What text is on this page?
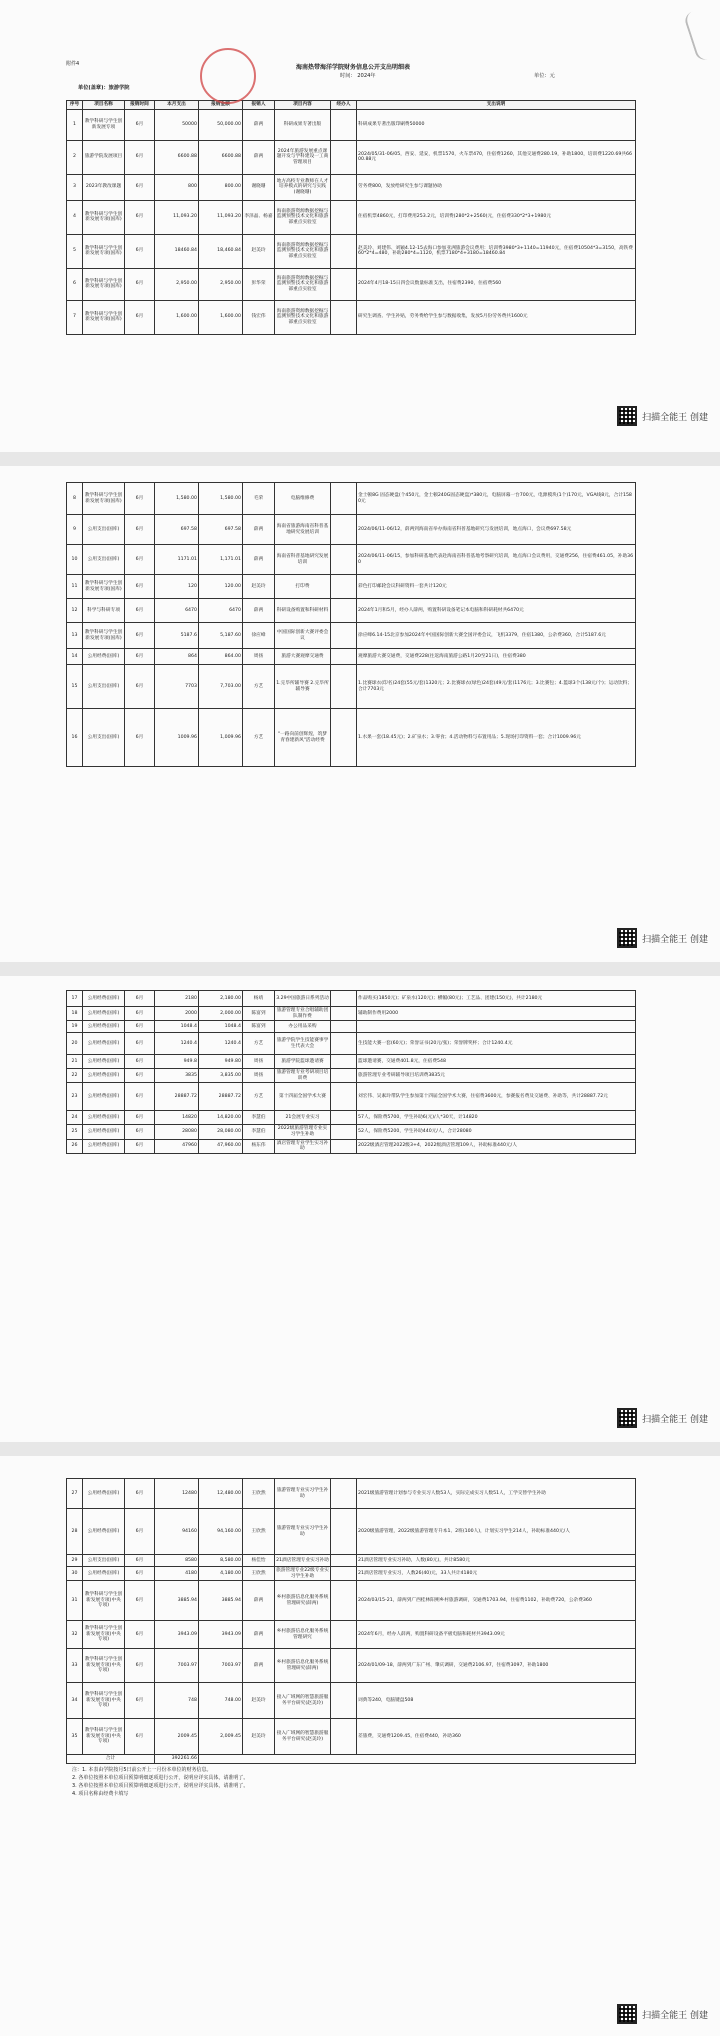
附件4	海南热带海洋学院财务信息公开支出明细表
时间： 2024年	单位：元
单位(盖章)：旅游学院
序号	项目名称	报销时间	本月支出	报销金额	报销人	项目内容	经办人	支出说明
1	教学科研与学生创新发展专项	6月	50000	50,000.00	薛两	科研成果专著出版		科研成果专著出版印刷费50000
2	旅游学院发展项目	6月	6600.88	6600.88	薛两	2024年旅游发展重点课题开发与学科建设一工商管理项目		2024/05/31-06/05，西安、延安，机票1570，火车票470，住宿费1260，其他交通费280.19，补助1800，培训费1220.69共6600.88元
3	2023年教改课题	6月	800	800.00	谢晓珊	地方高校专业教师在人才培养模式的研究与实践(谢晓珊)		劳务费800，发放给研究生参与课题协助
4	教学科研与学生创新发展专项(国库)	6月	11,093.20	11,093.20	李泽晶、杨嘉	海南旅游资源数据挖掘与监测预警技术文化和旅游部重点实验室		住宿机票4860元，打印费用253.2元，培训费(280*2+2560)元，住宿费330*2*3+1980元
5	教学科研与学生创新发展专项(国库)	6月	18460.84	18,460.84	赵美玲	海南旅游资源数据挖掘与监测预警技术文化和旅游部重点实验室		赵美玲、刘建伟、刘颖4.12-15去海口参加亚洲旅游会议费用：培训费3980*3+1140=11940元，住宿费10504*3=3150，高铁费60*2*4=480，补助280*4=1120，机票7180*4+3180=18460.84
6	教学科研与学生创新发展专项(国库)	6月	2,950.00	2,950.00	彭华荣	海南旅游资源数据挖掘与监测预警技术文化和旅游部重点实验室		2024年4月18-15日四会议数量标准支出，住宿费2390，住宿费560
7	教学科研与学生创新发展专项(国库)	6月	1,600.00	1,600.00	钱宏伟	海南旅游资源数据挖掘与监测预警技术文化和旅游部重点实验室		研究生调查、学生补贴，劳务费给学生参与数据收集，发放5月份劳务费共1600元
扫描全能王 创建
8	教学科研与学生创新发展专项(国库)	6月	1,580.00	1,580.00	毛荣	电脑维修费		金士顿8G 固态硬盘(个450元，金士顿240G固态硬盘)*380元，电脑屏幕一台700元，电源模块(1个)170元，VGA线8元，合计1580元
9	公用支出(国库)	6月	697.58	697.58	薛两	海南省旅游海南省科普基地研究发展培训		2024/06/11-06/12，薛两到海南省举办海南省科普基地研究与发展培训，地点海口，会议费697.58元
10	公用支出(国库)	6月	1171.01	1,171.01	薛两	海南省科普基地研究发展培训		2024/06/11-06/15，参加科研基地代表赴海南省科普基地考察研究培训，地点海口会议费用，交通费256，住宿费461.05，补助360
11	教学科研与学生创新发展专项(国库)	6月	120	120.00	赵美玲	打印费		彩色打印邮轮会议科研资料一套共计120元
12	科学与科研专项	6月	6470	6470	薛两	科研设备购置和科研材料		2024年1月和5月，经办人薛两，购置科研设备笔记本电脑和科研耗材共6470元
13	教学科研与学生创新发展专项(国库)	6月	5187.6	5,187.60	徐应峰	中国国际创新大赛评委会议		徐应峰6.14-15北京参加2024年中国国际创新大赛全国评委会议，飞机3379，住宿1380，公杂费360，合计5187.6元
14	公用经费(国库)	6月	864	864.00	周扬	旅游大赛观摩交通费		观摩旅游大赛交通费，交通费228(往返海南旅游公路1月20至21日)，住宿费380
15	公用支出(国库)	6月	7703	7,703.00	方艺	1.完毕所辅导赛 2.完毕所辅导赛		1.比赛球衣(印名)24套(55元/套)1320元；2.比赛球衣(绿色)24套(49元/套)1176元；3.比赛包；4.篮球3个(138元/个)；运动饮料；合计7703元
16	公用支出(国库)	6月	1009.96	1,009.96	方艺	"一路向前创辉煌，筑梦青春建新风"活动经费		1.水果一套(18.45元)；2.矿泉水；3.零食；4.活动物料与布置用品；5.现场打印资料一套；合计1009.96元
扫描全能王 创建
17	公用经费(国库)	6月	2180	2,180.00	杨靖	3.29中国旅游日系列活动		作品购买(1850元)；矿泉水(120元)；横幅(80元)；工艺品、团建(150元)，共计2180元
18	公用经费(国库)	6月	2000	2,000.00	陈富到	旅游管理专业合唱辅助团队制作费		辅助制作费用2000
19	公用经费(国库)	6月	1048.4	1048.4	陈富到	办公用品采购		
20	公用经费(国库)	6月	1240.4	1240.4	方艺	旅游学院学生技能赛事学生代表大会		生技能大赛一套(60元)；荣誉证书(20元/张)；荣誉牌奖杯；合计1240.4元
21	公用经费(国库)	6月	949.8	949.80	周扬	旅游学院篮球邀请赛		篮球邀请赛，交通费401.8元，住宿费548
22	公用经费(国库)	6月	3835	3,835.00	周扬	旅游管理专业考研项目培训费		旅游管理专业考研辅导项目培训费3835元
23	公用经费(国库)	6月	28887.72	28887.72	方艺	第十四届全国学术大赛		刘宏伟、吴素玲带队学生参加第十四届全国学术大赛，住宿费3600元，参赛报名费及交通费、补助等，共计28887.72元
24	公用经费(国库)	6月	14820	14,820.00	李慧伯	21会展专业实习		57人，保险费5700，学生补助6(元)/人*30天，计14820
25	公用经费(国库)	6月	28080	28,080.00	李慧伯	2022级旅游管理专业实习学生补助		52人，保险费5200，学生补助440元/人，合计28080
26	公用经费(国库)	6月	47960	47,960.00	杨东伟	酒店管理专业学生实习补助		2022级酒店管理2022级3+4，2022级酒店管理109人，补助标准440元/人
扫描全能王 创建
27	公用经费(国库)	6月	12480	12,480.00	王欣然	旅游管理专业实习学生补助		2021级旅游管理计划参与专业实习人数53人，实际完成实习人数51人，工学交替学生补助
28	公用经费(国库)	6月	94160	94,160.00	王欣然	旅游管理专业实习学生补助		2020级旅游管理，2022级旅游管理专升本1、2班(100人)，计划实习学生214人，补助标准440元/人
29	公用支出(国库)	6月	8580	8,580.00	杨佳怡	21酒店管理专业实习补助		21酒店管理专业实习补助，人数(80元)，共计8580元
30	公用经费(国库)	6月	4180	4,180.00	王欣然	旅游管理专业22级专业实习学生补助		21酒店管理专业实习，人数26(40)元，33人共计4180元
31	教学科研与学生创新发展专项(中央专项)	6月	3885.94	3885.94	薛两	乡村旅游信息化服务系统管理研究(薛两)		2024/03/15-21，薛两到广西桂林阳朔乡村旅游调研，交通费1703.94，住宿费1102，补助费720，公杂费360
32	教学科研与学生创新发展专项(中央专项)	6月	3943.09	3943.09	薛两	乡村旅游信息化服务系统管理研究		2024年6月，经办人薛两，购置科研设备平板电脑和耗材共3943.09元
33	教学科研与学生创新发展专项(中央专项)	6月	7003.97	7003.97	薛两	乡村旅游信息化服务系统管理研究(薛两)		2024/01/09-18，薛两到广东广州、肇庆调研，交通费2106.97，住宿费3097，补助1800
34	教学科研与学生创新发展专项(中央专项)	6月	748	748.00	赵美玲	接入广域网的智慧旅游服务平台研究(赵美玲)		词典等240，电脑键盘508
35	教学科研与学生创新发展专项(中央专项)	6月	2009.45	2,009.45	赵美玲	接入广域网的智慧旅游服务平台研究(赵美玲)		差旅费，交通费1209.45，住宿费440，补助360
合计			392261.66					
注：1. 本表由学院按月5日前公开上一月份本单位的财务信息。
2. 各单位按照本单位项目预算明细逐项进行公开，说明应详实具体，请准明了。
3. 各单位按照本单位项目预算明细逐项进行公开，说明应详实具体，请准明了。
4. 项目名称由经费卡填写
扫描全能王 创建
